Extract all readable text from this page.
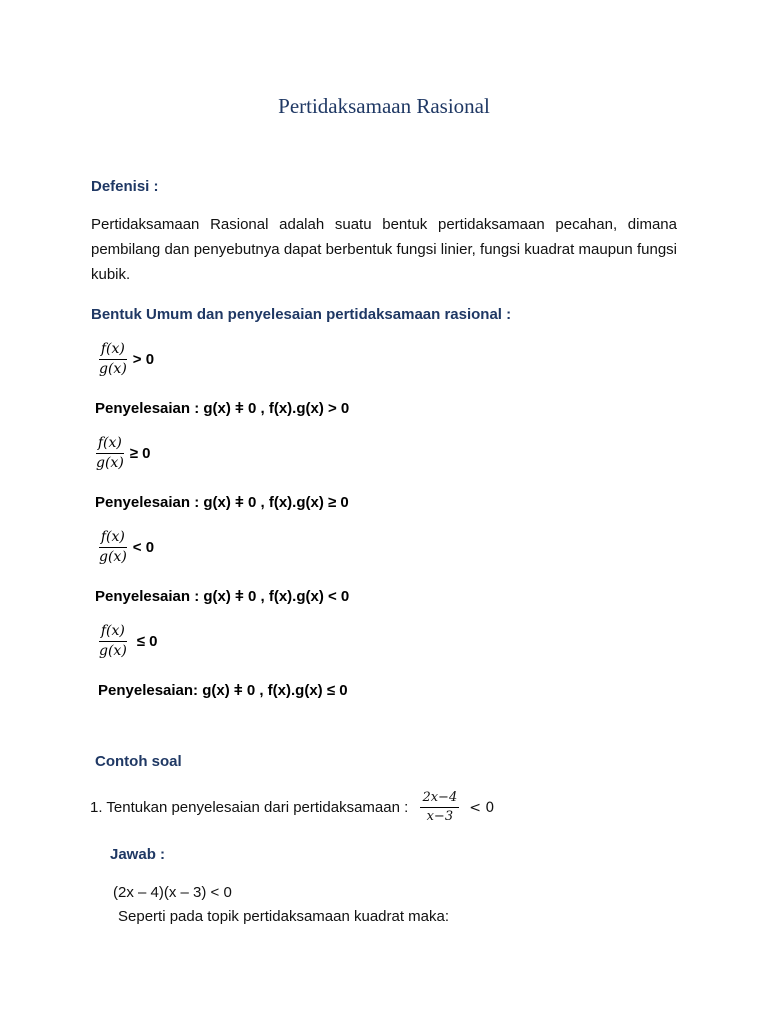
Pertidaksamaan Rasional
Defenisi :
Pertidaksamaan Rasional adalah suatu bentuk pertidaksamaan pecahan, dimana pembilang dan penyebutnya dapat berbentuk fungsi linier, fungsi kuadrat maupun fungsi kubik.
Bentuk Umum dan penyelesaian pertidaksamaan rasional :
$\frac{f(x)}{g(x)} > 0$
Penyelesaian : g(x) ǂ 0 , f(x).g(x) > 0
$\frac{f(x)}{g(x)} \ge 0$
Penyelesaian : g(x) ǂ 0 , f(x).g(x) ≥ 0
$\frac{f(x)}{g(x)} < 0$
Penyelesaian : g(x) ǂ 0 , f(x).g(x) < 0
$\frac{f(x)}{g(x)} \le 0$
Penyelesaian: g(x) ǂ 0 , f(x).g(x) ≤ 0
Contoh soal
1. Tentukan penyelesaian dari pertidaksamaan : $\frac{2x-4}{x-3} < 0$
Jawab :
(2x – 4)(x – 3) < 0
Seperti pada topik pertidaksamaan kuadrat maka:
